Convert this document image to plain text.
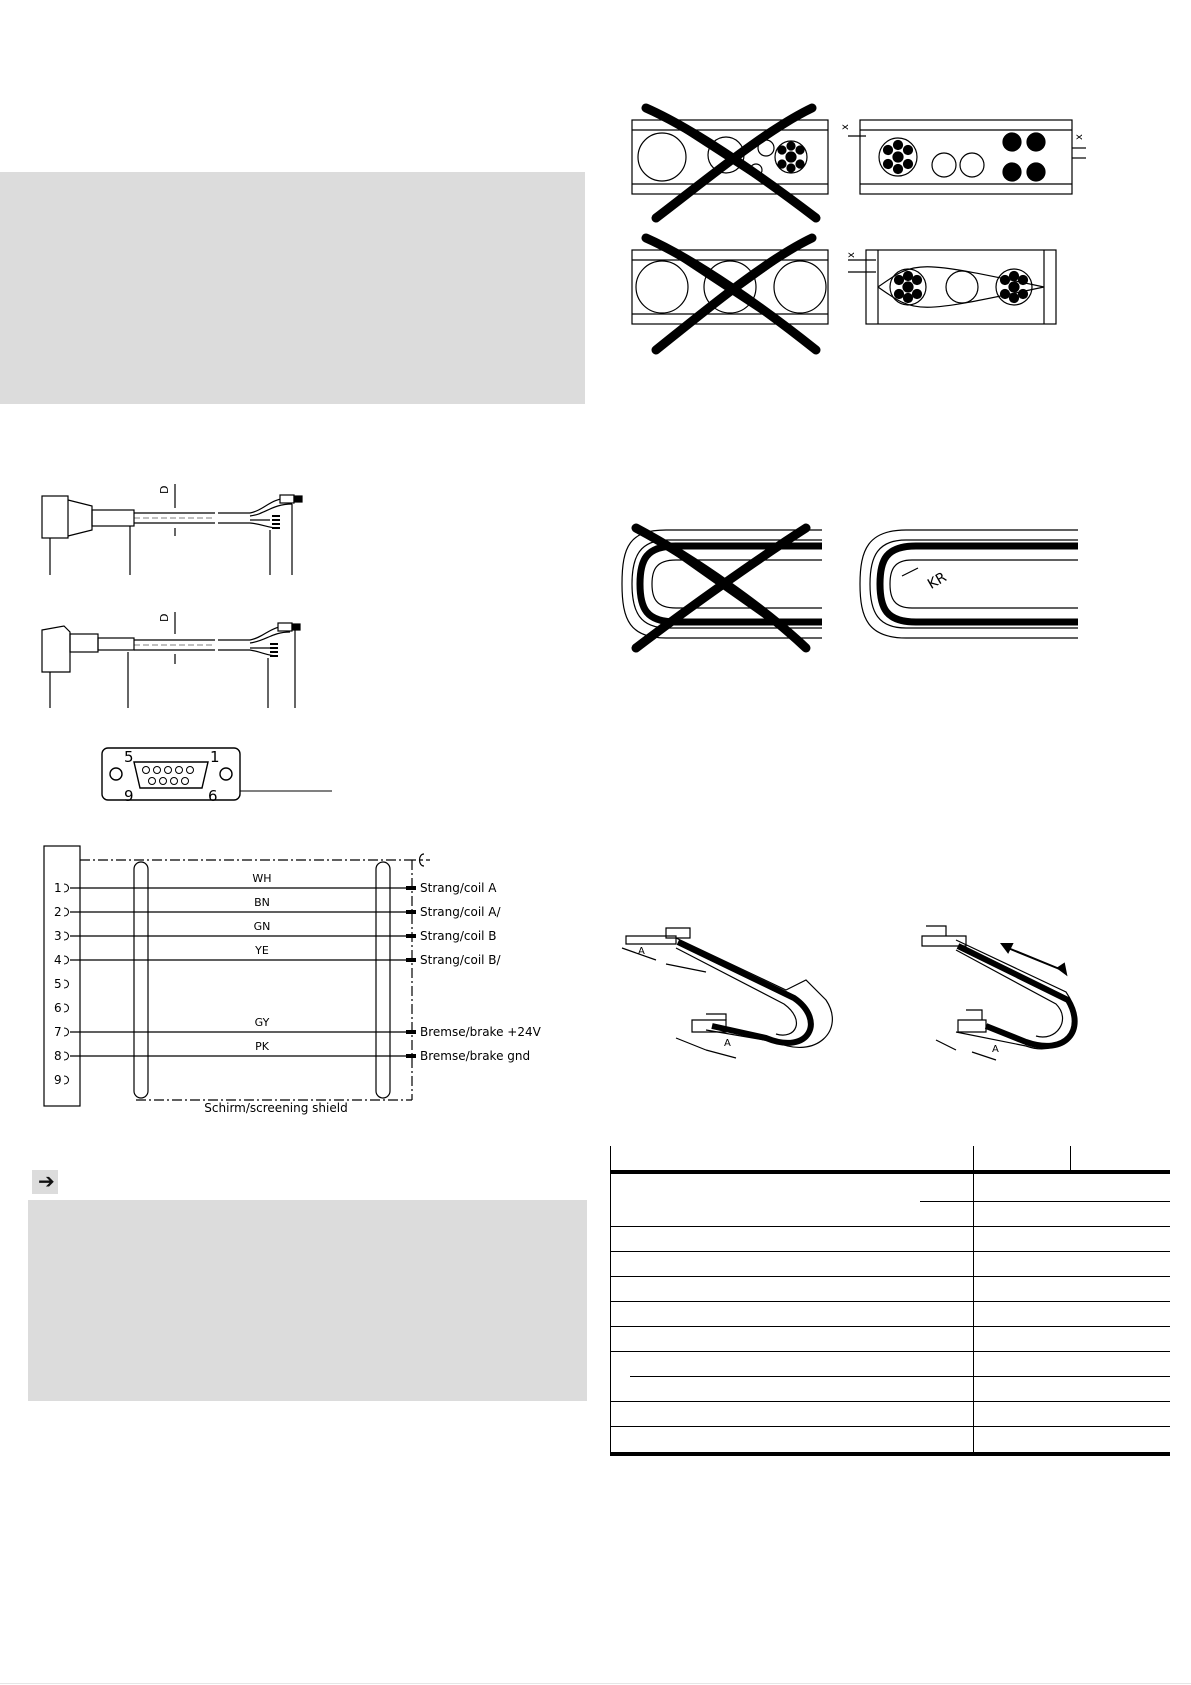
➔
D
D
5	1
9	6
1
2
3
4
5
6
7
8
9
WH
Strang/coil A
BN
Strang/coil A/
GN
Strang/coil B
YE
Strang/coil B/
GY
Bremse/brake +24V
PK
Bremse/brake gnd
Schirm/screening shield
x
x
x
KR
A
A
A
